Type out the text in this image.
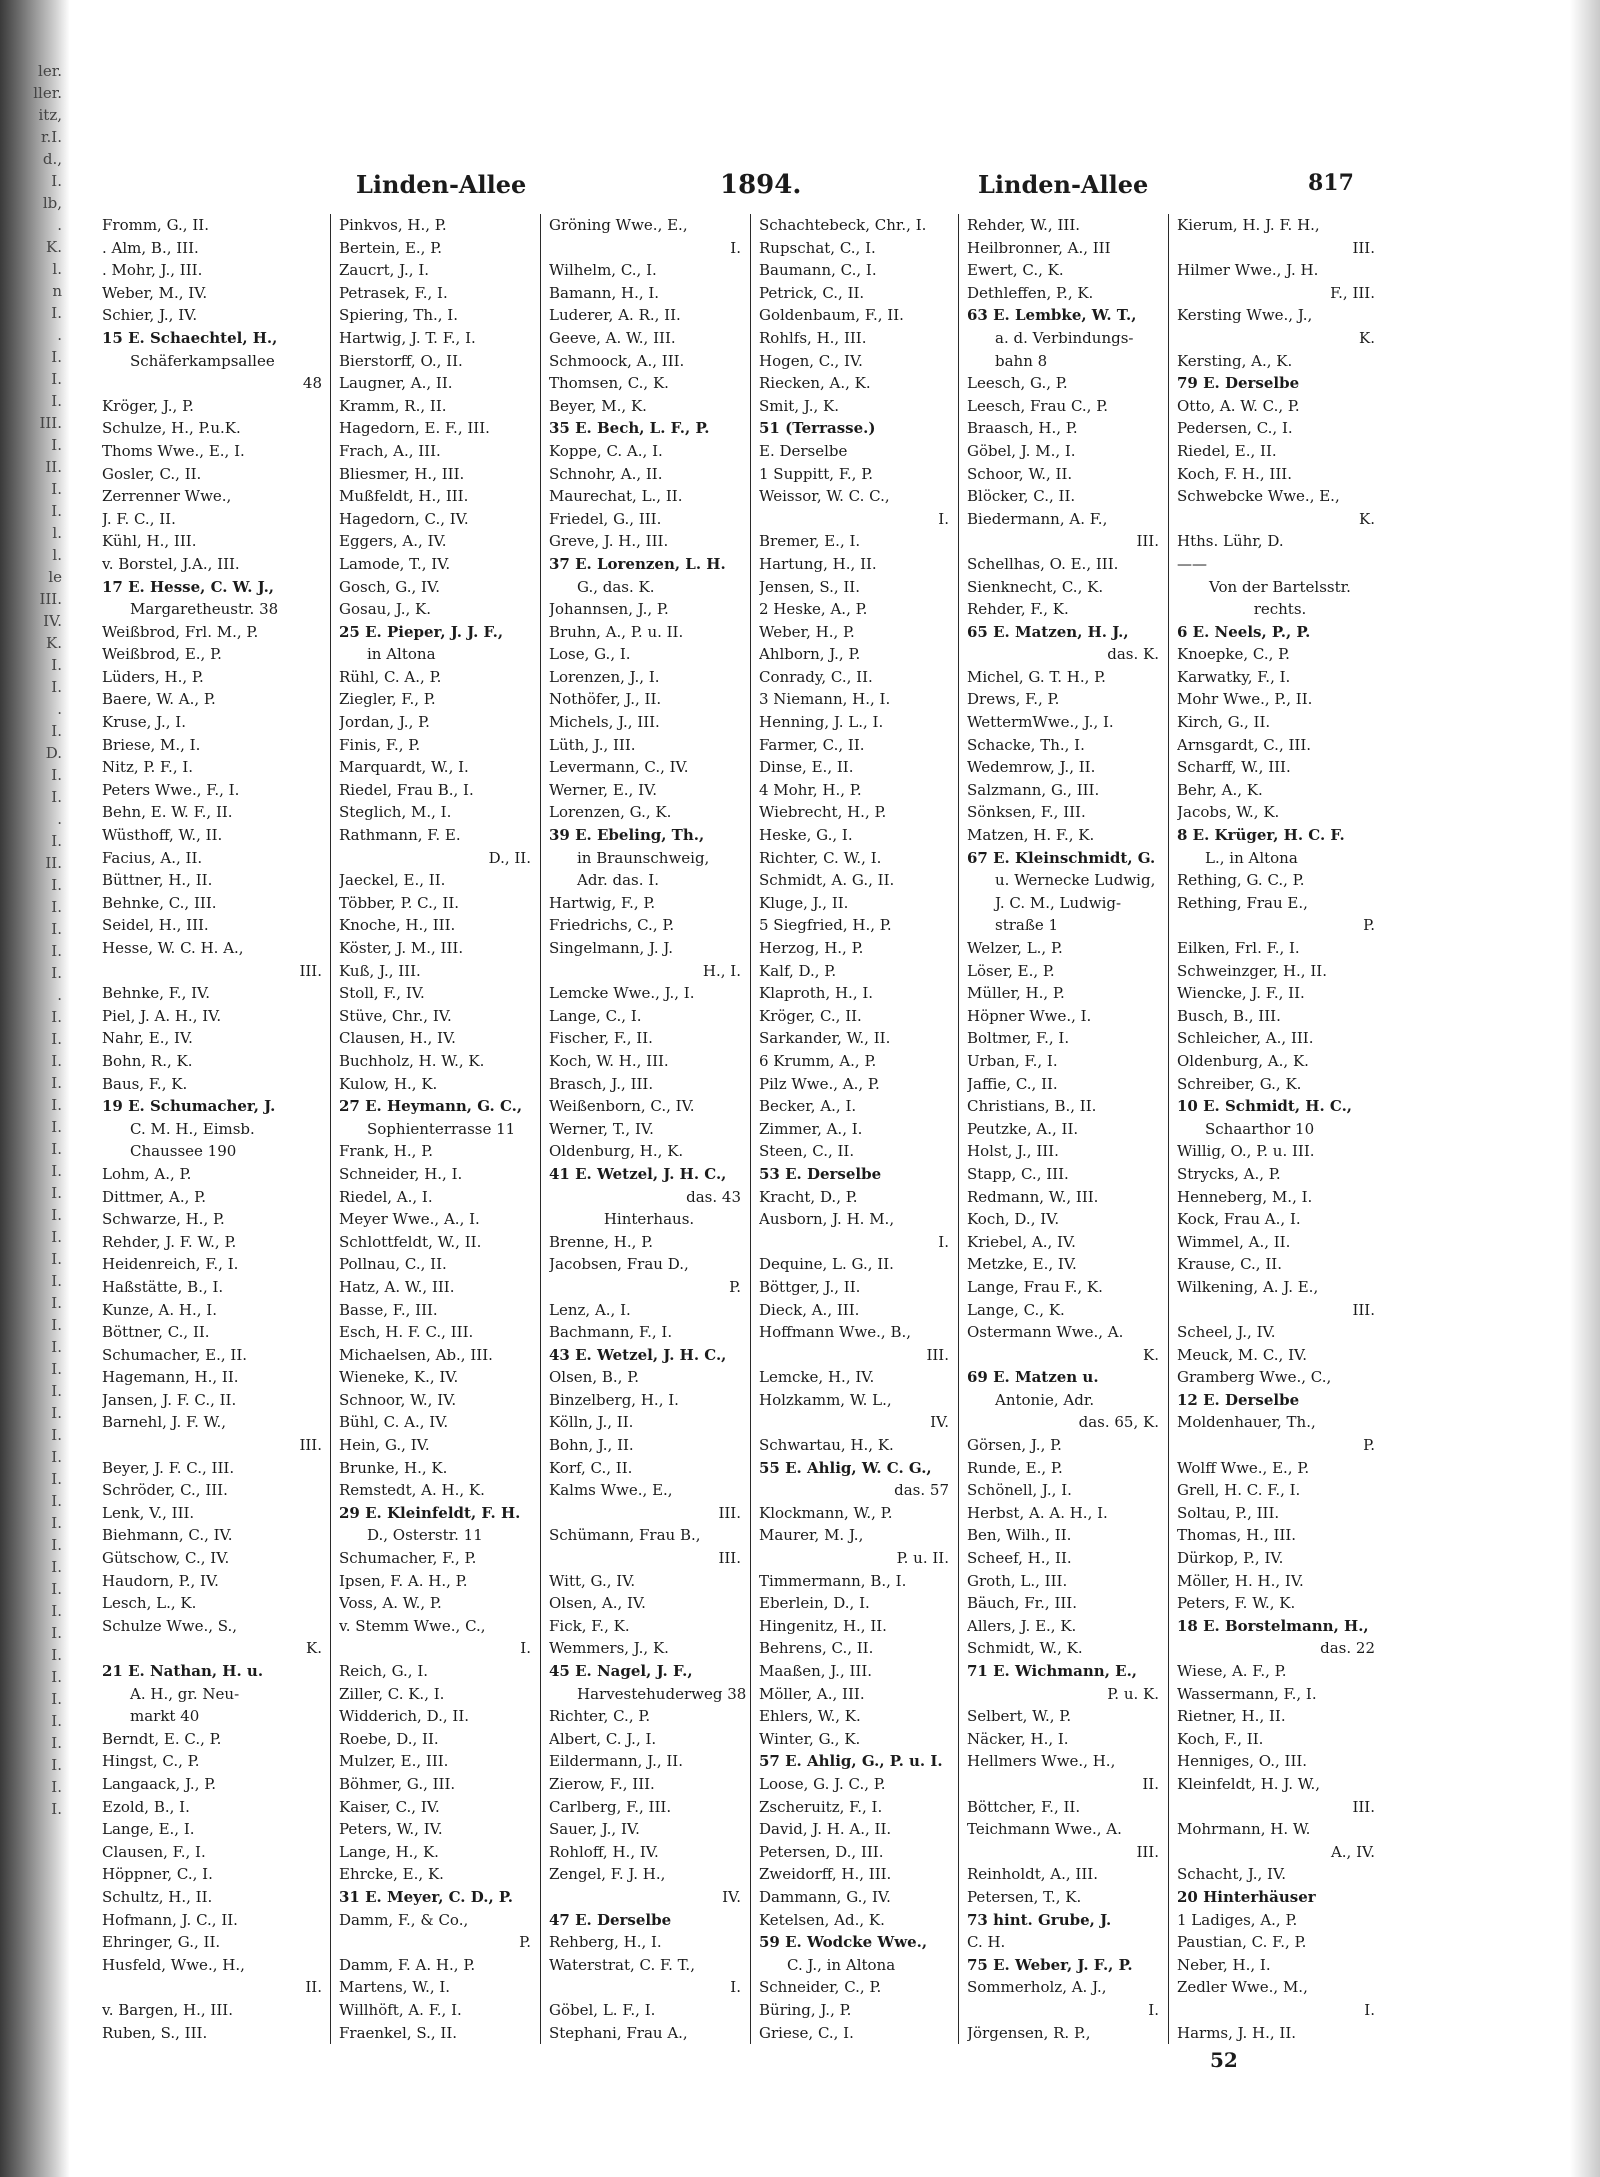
ler.
ller.
itz,
r.I.
d.,
I.
lb,
.
K.
l.
n
I.
.
I.
I.
I.
III.
I.
II.
I.
I.
l.
l.
le
III.
IV.
K.
I.
I.
.
I.
D.
I.
I.
.
I.
II.
I.
I.
I.
I.
I.
.
I.
I.
I.
I.
I.
I.
I.
I.
I.
I.
I.
I.
I.
I.
I.
I.
I.
I.
I.
I.
I.
I.
I.
I.
I.
I.
I.
I.
I.
I.
I.
I.
I.
I.
I.
I.
I.
Linden-Allee	1894.	Linden-Allee	817
Fromm, G., II.
. Alm, B., III.
. Mohr, J., III.
Weber, M., IV.
Schier, J., IV.
15 E. Schaechtel, H.,
Schäferkampsallee
48
Kröger, J., P.
Schulze, H., P.u.K.
Thoms Wwe., E., I.
Gosler, C., II.
Zerrenner Wwe.,
J. F. C., II.
Kühl, H., III.
v. Borstel, J.A., III.
17 E. Hesse, C. W. J.,
Margaretheustr. 38
Weißbrod, Frl. M., P.
Weißbrod, E., P.
Lüders, H., P.
Baere, W. A., P.
Kruse, J., I.
Briese, M., I.
Nitz, P. F., I.
Peters Wwe., F., I.
Behn, E. W. F., II.
Wüsthoff, W., II.
Facius, A., II.
Büttner, H., II.
Behnke, C., III.
Seidel, H., III.
Hesse, W. C. H. A.,
III.
Behnke, F., IV.
Piel, J. A. H., IV.
Nahr, E., IV.
Bohn, R., K.
Baus, F., K.
19 E. Schumacher, J.
C. M. H., Eimsb.
Chaussee 190
Lohm, A., P.
Dittmer, A., P.
Schwarze, H., P.
Rehder, J. F. W., P.
Heidenreich, F., I.
Haßstätte, B., I.
Kunze, A. H., I.
Böttner, C., II.
Schumacher, E., II.
Hagemann, H., II.
Jansen, J. F. C., II.
Barnehl, J. F. W.,
III.
Beyer, J. F. C., III.
Schröder, C., III.
Lenk, V., III.
Biehmann, C., IV.
Gütschow, C., IV.
Haudorn, P., IV.
Lesch, L., K.
Schulze Wwe., S.,
K.
21 E. Nathan, H. u.
A. H., gr. Neu-
markt 40
Berndt, E. C., P.
Hingst, C., P.
Langaack, J., P.
Ezold, B., I.
Lange, E., I.
Clausen, F., I.
Höppner, C., I.
Schultz, H., II.
Hofmann, J. C., II.
Ehringer, G., II.
Husfeld, Wwe., H.,
II.
v. Bargen, H., III.
Ruben, S., III.
Pinkvos, H., P.
Bertein, E., P.
Zaucrt, J., I.
Petrasek, F., I.
Spiering, Th., I.
Hartwig, J. T. F., I.
Bierstorff, O., II.
Laugner, A., II.
Kramm, R., II.
Hagedorn, E. F., III.
Frach, A., III.
Bliesmer, H., III.
Mußfeldt, H., III.
Hagedorn, C., IV.
Eggers, A., IV.
Lamode, T., IV.
Gosch, G., IV.
Gosau, J., K.
25 E. Pieper, J. J. F.,
in Altona
Rühl, C. A., P.
Ziegler, F., P.
Jordan, J., P.
Finis, F., P.
Marquardt, W., I.
Riedel, Frau B., I.
Steglich, M., I.
Rathmann, F. E.
D., II.
Jaeckel, E., II.
Többer, P. C., II.
Knoche, H., III.
Köster, J. M., III.
Kuß, J., III.
Stoll, F., IV.
Stüve, Chr., IV.
Clausen, H., IV.
Buchholz, H. W., K.
Kulow, H., K.
27 E. Heymann, G. C.,
Sophienterrasse 11
Frank, H., P.
Schneider, H., I.
Riedel, A., I.
Meyer Wwe., A., I.
Schlottfeldt, W., II.
Pollnau, C., II.
Hatz, A. W., III.
Basse, F., III.
Esch, H. F. C., III.
Michaelsen, Ab., III.
Wieneke, K., IV.
Schnoor, W., IV.
Bühl, C. A., IV.
Hein, G., IV.
Brunke, H., K.
Remstedt, A. H., K.
29 E. Kleinfeldt, F. H.
D., Osterstr. 11
Schumacher, F., P.
Ipsen, F. A. H., P.
Voss, A. W., P.
v. Stemm Wwe., C.,
I.
Reich, G., I.
Ziller, C. K., I.
Widderich, D., II.
Roebe, D., II.
Mulzer, E., III.
Böhmer, G., III.
Kaiser, C., IV.
Peters, W., IV.
Lange, H., K.
Ehrcke, E., K.
31 E. Meyer, C. D., P.
Damm, F., & Co.,
P.
Damm, F. A. H., P.
Martens, W., I.
Willhöft, A. F., I.
Fraenkel, S., II.
Gröning Wwe., E.,
I.
Wilhelm, C., I.
Bamann, H., I.
Luderer, A. R., II.
Geeve, A. W., III.
Schmoock, A., III.
Thomsen, C., K.
Beyer, M., K.
35 E. Bech, L. F., P.
Koppe, C. A., I.
Schnohr, A., II.
Maurechat, L., II.
Friedel, G., III.
Greve, J. H., III.
37 E. Lorenzen, L. H.
G., das. K.
Johannsen, J., P.
Bruhn, A., P. u. II.
Lose, G., I.
Lorenzen, J., I.
Nothöfer, J., II.
Michels, J., III.
Lüth, J., III.
Levermann, C., IV.
Werner, E., IV.
Lorenzen, G., K.
39 E. Ebeling, Th.,
in Braunschweig,
Adr. das. I.
Hartwig, F., P.
Friedrichs, C., P.
Singelmann, J. J.
H., I.
Lemcke Wwe., J., I.
Lange, C., I.
Fischer, F., II.
Koch, W. H., III.
Brasch, J., III.
Weißenborn, C., IV.
Werner, T., IV.
Oldenburg, H., K.
41 E. Wetzel, J. H. C.,
das. 43
Hinterhaus.
Brenne, H., P.
Jacobsen, Frau D.,
P.
Lenz, A., I.
Bachmann, F., I.
43 E. Wetzel, J. H. C.,
Olsen, B., P.
Binzelberg, H., I.
Kölln, J., II.
Bohn, J., II.
Korf, C., II.
Kalms Wwe., E.,
III.
Schümann, Frau B.,
III.
Witt, G., IV.
Olsen, A., IV.
Fick, F., K.
Wemmers, J., K.
45 E. Nagel, J. F.,
Harvestehuderweg 38
Richter, C., P.
Albert, C. J., I.
Eildermann, J., II.
Zierow, F., III.
Carlberg, F., III.
Sauer, J., IV.
Rohloff, H., IV.
Zengel, F. J. H.,
IV.
47 E. Derselbe
Rehberg, H., I.
Waterstrat, C. F. T.,
I.
Göbel, L. F., I.
Stephani, Frau A.,
Schachtebeck, Chr., I.
Rupschat, C., I.
Baumann, C., I.
Petrick, C., II.
Goldenbaum, F., II.
Rohlfs, H., III.
Hogen, C., IV.
Riecken, A., K.
Smit, J., K.
51 (Terrasse.)
E. Derselbe
1 Suppitt, F., P.
Weissor, W. C. C.,
I.
Bremer, E., I.
Hartung, H., II.
Jensen, S., II.
2 Heske, A., P.
Weber, H., P.
Ahlborn, J., P.
Conrady, C., II.
3 Niemann, H., I.
Henning, J. L., I.
Farmer, C., II.
Dinse, E., II.
4 Mohr, H., P.
Wiebrecht, H., P.
Heske, G., I.
Richter, C. W., I.
Schmidt, A. G., II.
Kluge, J., II.
5 Siegfried, H., P.
Herzog, H., P.
Kalf, D., P.
Klaproth, H., I.
Kröger, C., II.
Sarkander, W., II.
6 Krumm, A., P.
Pilz Wwe., A., P.
Becker, A., I.
Zimmer, A., I.
Steen, C., II.
53 E. Derselbe
Kracht, D., P.
Ausborn, J. H. M.,
I.
Dequine, L. G., II.
Böttger, J., II.
Dieck, A., III.
Hoffmann Wwe., B.,
III.
Lemcke, H., IV.
Holzkamm, W. L.,
IV.
Schwartau, H., K.
55 E. Ahlig, W. C. G.,
das. 57
Klockmann, W., P.
Maurer, M. J.,
P. u. II.
Timmermann, B., I.
Eberlein, D., I.
Hingenitz, H., II.
Behrens, C., II.
Maaßen, J., III.
Möller, A., III.
Ehlers, W., K.
Winter, G., K.
57 E. Ahlig, G., P. u. I.
Loose, G. J. C., P.
Zscheruitz, F., I.
David, J. H. A., II.
Petersen, D., III.
Zweidorff, H., III.
Dammann, G., IV.
Ketelsen, Ad., K.
59 E. Wodcke Wwe.,
C. J., in Altona
Schneider, C., P.
Büring, J., P.
Griese, C., I.
Rehder, W., III.
Heilbronner, A., III
Ewert, C., K.
Dethleffen, P., K.
63 E. Lembke, W. T.,
a. d. Verbindungs-
bahn 8
Leesch, G., P.
Leesch, Frau C., P.
Braasch, H., P.
Göbel, J. M., I.
Schoor, W., II.
Blöcker, C., II.
Biedermann, A. F.,
III.
Schellhas, O. E., III.
Sienknecht, C., K.
Rehder, F., K.
65 E. Matzen, H. J.,
das. K.
Michel, G. T. H., P.
Drews, F., P.
WettermWwe., J., I.
Schacke, Th., I.
Wedemrow, J., II.
Salzmann, G., III.
Sönksen, F., III.
Matzen, H. F., K.
67 E. Kleinschmidt, G.
u. Wernecke Ludwig,
J. C. M., Ludwig-
straße 1
Welzer, L., P.
Löser, E., P.
Müller, H., P.
Höpner Wwe., I.
Boltmer, F., I.
Urban, F., I.
Jaffie, C., II.
Christians, B., II.
Peutzke, A., II.
Holst, J., III.
Stapp, C., III.
Redmann, W., III.
Koch, D., IV.
Kriebel, A., IV.
Metzke, E., IV.
Lange, Frau F., K.
Lange, C., K.
Ostermann Wwe., A.
K.
69 E. Matzen u.
Antonie, Adr.
das. 65, K.
Görsen, J., P.
Runde, E., P.
Schönell, J., I.
Herbst, A. A. H., I.
Ben, Wilh., II.
Scheef, H., II.
Groth, L., III.
Bäuch, Fr., III.
Allers, J. E., K.
Schmidt, W., K.
71 E. Wichmann, E.,
P. u. K.
Selbert, W., P.
Näcker, H., I.
Hellmers Wwe., H.,
II.
Böttcher, F., II.
Teichmann Wwe., A.
III.
Reinholdt, A., III.
Petersen, T., K.
73 hint. Grube, J.
C. H.
75 E. Weber, J. F., P.
Sommerholz, A. J.,
I.
Jörgensen, R. P.,
Kierum, H. J. F. H.,
III.
Hilmer Wwe., J. H.
F., III.
Kersting Wwe., J.,
K.
Kersting, A., K.
79 E. Derselbe
Otto, A. W. C., P.
Pedersen, C., I.
Riedel, E., II.
Koch, F. H., III.
Schwebcke Wwe., E.,
K.
Hths. Lühr, D.
——
Von der Bartelsstr.
rechts.
6 E. Neels, P., P.
Knoepke, C., P.
Karwatky, F., I.
Mohr Wwe., P., II.
Kirch, G., II.
Arnsgardt, C., III.
Scharff, W., III.
Behr, A., K.
Jacobs, W., K.
8 E. Krüger, H. C. F.
L., in Altona
Rething, G. C., P.
Rething, Frau E.,
P.
Eilken, Frl. F., I.
Schweinzger, H., II.
Wiencke, J. F., II.
Busch, B., III.
Schleicher, A., III.
Oldenburg, A., K.
Schreiber, G., K.
10 E. Schmidt, H. C.,
Schaarthor 10
Willig, O., P. u. III.
Strycks, A., P.
Henneberg, M., I.
Kock, Frau A., I.
Wimmel, A., II.
Krause, C., II.
Wilkening, A. J. E.,
III.
Scheel, J., IV.
Meuck, M. C., IV.
Gramberg Wwe., C.,
12 E. Derselbe
Moldenhauer, Th.,
P.
Wolff Wwe., E., P.
Grell, H. C. F., I.
Soltau, P., III.
Thomas, H., III.
Dürkop, P., IV.
Möller, H. H., IV.
Peters, F. W., K.
18 E. Borstelmann, H.,
das. 22
Wiese, A. F., P.
Wassermann, F., I.
Rietner, H., II.
Koch, F., II.
Henniges, O., III.
Kleinfeldt, H. J. W.,
III.
Mohrmann, H. W.
A., IV.
Schacht, J., IV.
20 Hinterhäuser
1 Ladiges, A., P.
Paustian, C. F., P.
Neber, H., I.
Zedler Wwe., M.,
I.
Harms, J. H., II.
52
